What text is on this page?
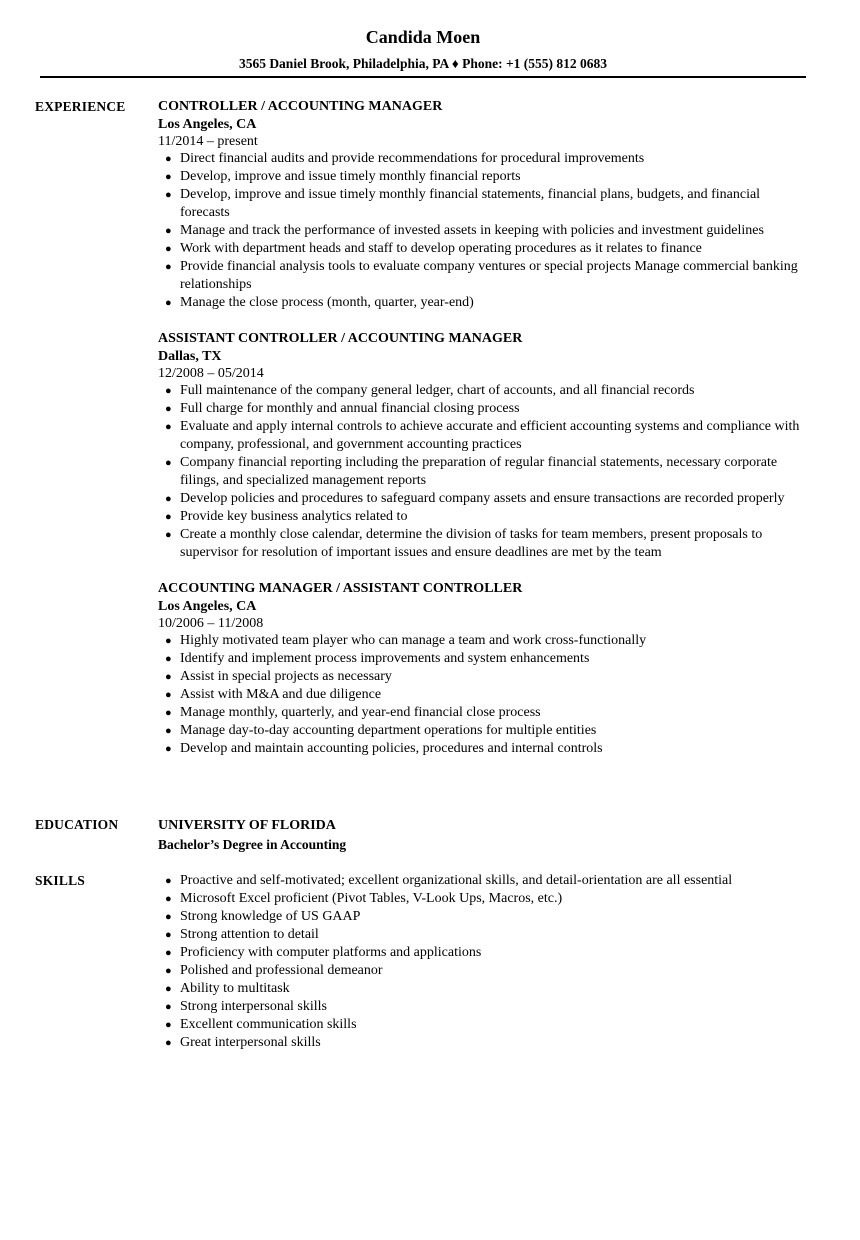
Candida Moen
3565 Daniel Brook, Philadelphia, PA ♦ Phone: +1 (555) 812 0683
EXPERIENCE CONTROLLER / ACCOUNTING MANAGER
Los Angeles, CA
11/2014 – present
● Direct financial audits and provide recommendations for procedural improvements
● Develop, improve and issue timely monthly financial reports
● Develop, improve and issue timely monthly financial statements, financial plans, budgets, and financial forecasts
● Manage and track the performance of invested assets in keeping with policies and investment guidelines
● Work with department heads and staff to develop operating procedures as it relates to finance
● Provide financial analysis tools to evaluate company ventures or special projects Manage commercial banking relationships
● Manage the close process (month, quarter, year-end)
ASSISTANT CONTROLLER / ACCOUNTING MANAGER
Dallas, TX
12/2008 – 05/2014
● Full maintenance of the company general ledger, chart of accounts, and all financial records
● Full charge for monthly and annual financial closing process
● Evaluate and apply internal controls to achieve accurate and efficient accounting systems and compliance with company, professional, and government accounting practices
● Company financial reporting including the preparation of regular financial statements, necessary corporate filings, and specialized management reports
● Develop policies and procedures to safeguard company assets and ensure transactions are recorded properly
● Provide key business analytics related to
● Create a monthly close calendar, determine the division of tasks for team members, present proposals to supervisor for resolution of important issues and ensure deadlines are met by the team
ACCOUNTING MANAGER / ASSISTANT CONTROLLER
Los Angeles, CA
10/2006 – 11/2008
● Highly motivated team player who can manage a team and work cross-functionally
● Identify and implement process improvements and system enhancements
● Assist in special projects as necessary
● Assist with M&A and due diligence
● Manage monthly, quarterly, and year-end financial close process
● Manage day-to-day accounting department operations for multiple entities
● Develop and maintain accounting policies, procedures and internal controls
EDUCATION	UNIVERSITY OF FLORIDA
Bachelor’s Degree in Accounting
SKILLS	● Proactive and self-motivated; excellent organizational skills, and detail-orientation are all essential
● Microsoft Excel proficient (Pivot Tables, V-Look Ups, Macros, etc.)
● Strong knowledge of US GAAP
● Strong attention to detail
● Proficiency with computer platforms and applications
● Polished and professional demeanor
● Ability to multitask
● Strong interpersonal skills
● Excellent communication skills
● Great interpersonal skills
